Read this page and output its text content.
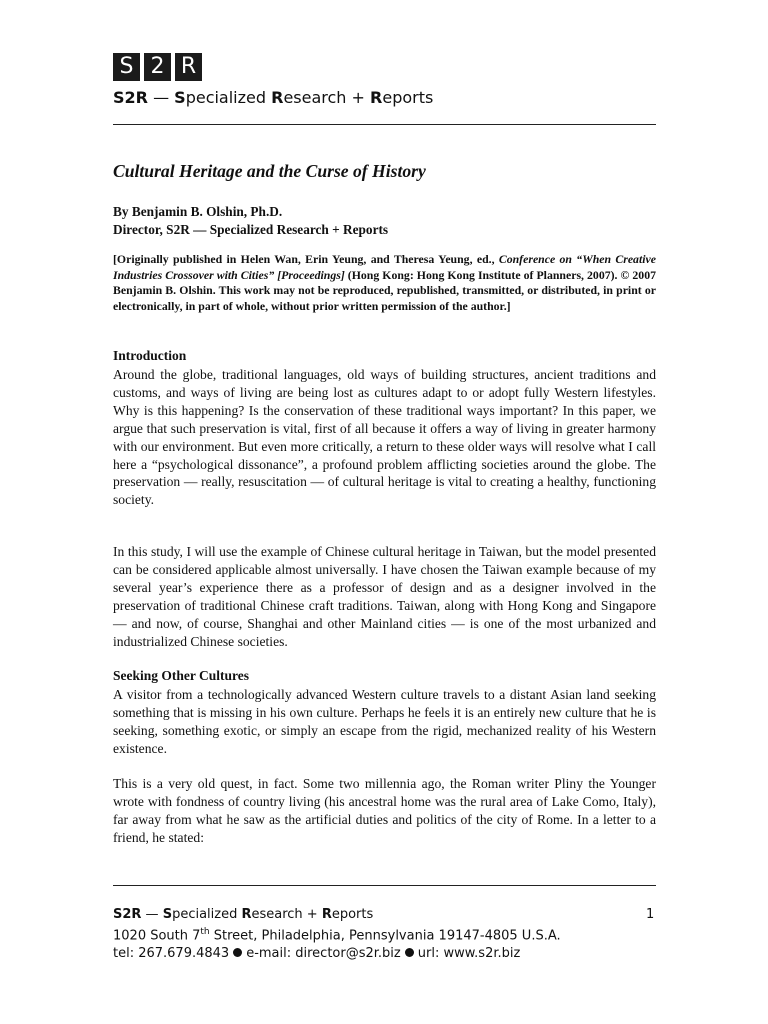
S 2 R
S2R — Specialized Research + Reports
Cultural Heritage and the Curse of History
By Benjamin B. Olshin, Ph.D.
Director, S2R — Specialized Research + Reports

[Originally published in Helen Wan, Erin Yeung, and Theresa Yeung, ed., Conference on “When Creative Industries Crossover with Cities” [Proceedings] (Hong Kong: Hong Kong Institute of Planners, 2007). © 2007 Benjamin B. Olshin. This work may not be reproduced, republished, transmitted, or distributed, in print or electronically, in part of whole, without prior written permission of the author.]

Introduction

Around the globe, traditional languages, old ways of building structures, ancient traditions and customs, and ways of living are being lost as cultures adapt to or adopt fully Western lifestyles. Why is this happening? Is the conservation of these traditional ways important? In this paper, we argue that such preservation is vital, first of all because it offers a way of living in greater harmony with our environment. But even more critically, a return to these older ways will resolve what I call here a “psychological dissonance”, a profound problem afflicting societies around the globe. The preservation — really, resuscitation — of cultural heritage is vital to creating a healthy, functioning society.

In this study, I will use the example of Chinese cultural heritage in Taiwan, but the model presented can be considered applicable almost universally. I have chosen the Taiwan example because of my several year’s experience there as a professor of design and as a designer involved in the preservation of traditional Chinese craft traditions. Taiwan, along with Hong Kong and Singapore — and now, of course, Shanghai and other Mainland cities — is one of the most urbanized and industrialized Chinese societies.

Seeking Other Cultures

A visitor from a technologically advanced Western culture travels to a distant Asian land seeking something that is missing in his own culture. Perhaps he feels it is an entirely new culture that he is seeking, something exotic, or simply an escape from the rigid, mechanized reality of his Western existence.

This is a very old quest, in fact. Some two millennia ago, the Roman writer Pliny the Younger wrote with fondness of country living (his ancestral home was the rural area of Lake Como, Italy), far away from what he saw as the artificial duties and politics of the city of Rome. In a letter to a friend, he stated:

S2R — Specialized Research + Reports	1
1020 South 7th Street, Philadelphia, Pennsylvania 19147-4805 U.S.A.
tel: 267.679.4843 e-mail: director@s2r.biz url: www.s2r.biz
